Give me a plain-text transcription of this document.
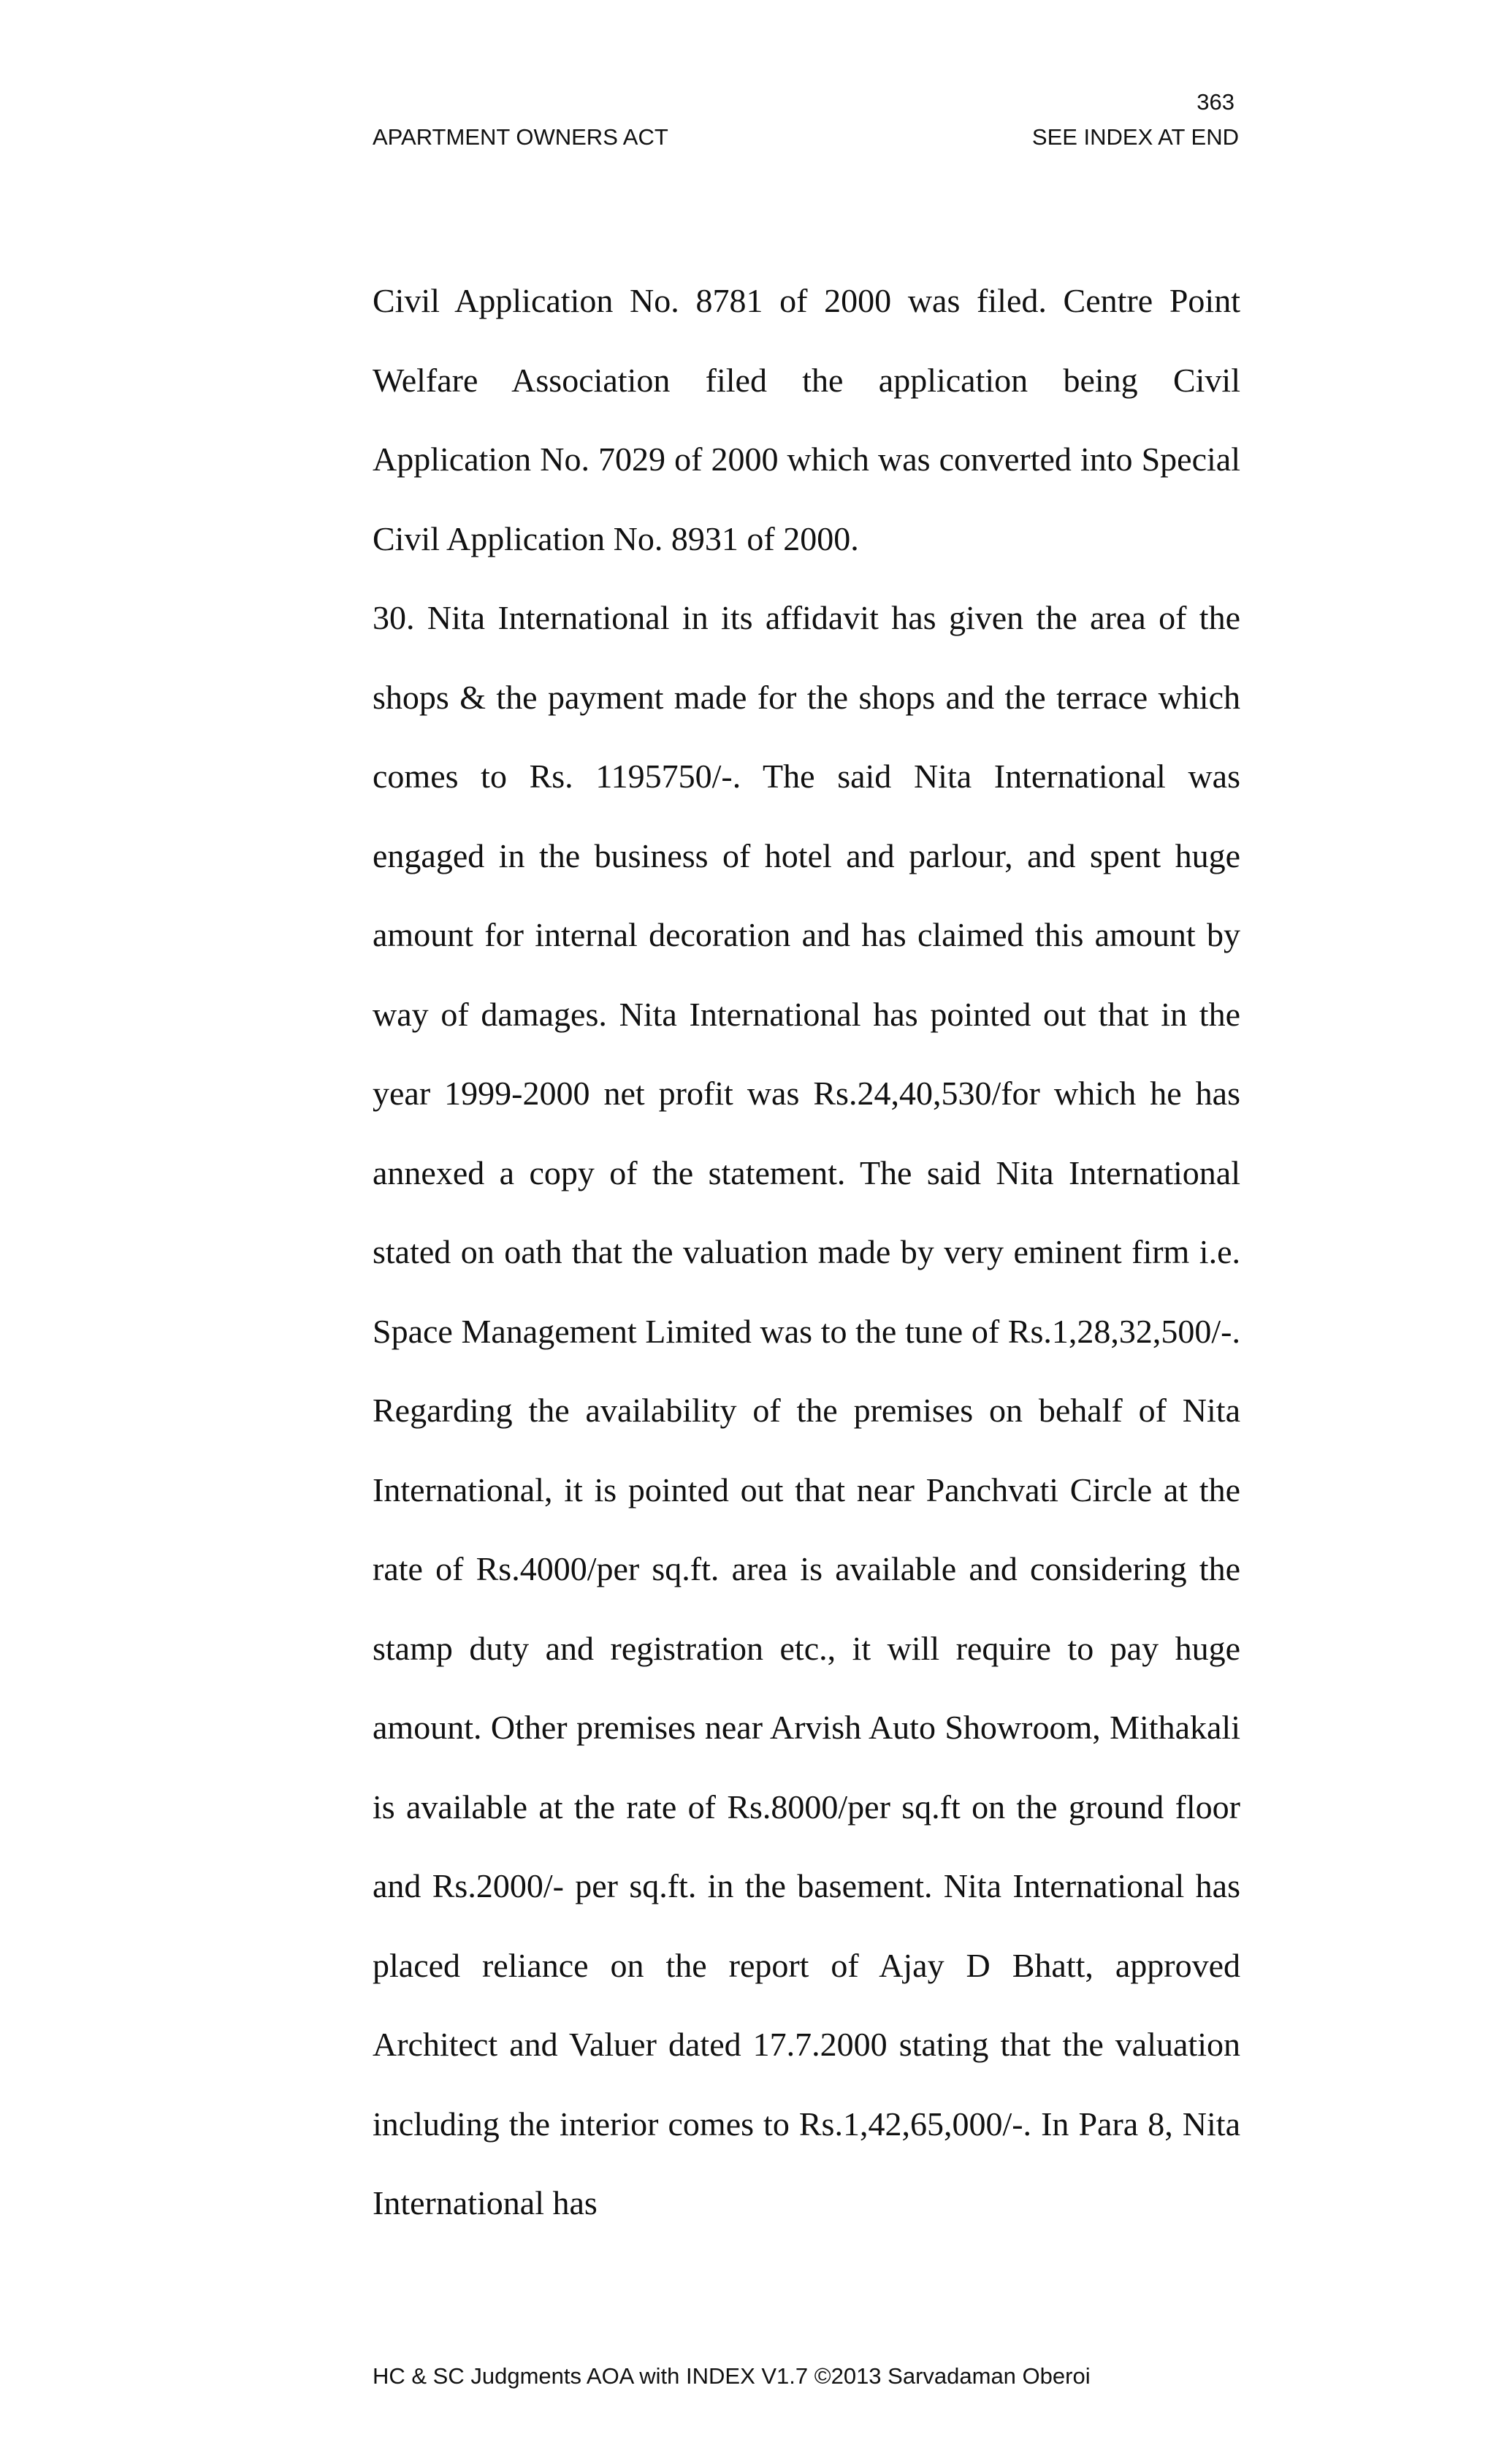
363
APARTMENT OWNERS ACT	SEE INDEX AT END

Civil Application No. 8781 of 2000 was filed. Centre Point Welfare Association filed the application being Civil Application No. 7029 of 2000 which was converted into Special Civil Application No. 8931 of 2000.

30. Nita International in its affidavit has given the area of the shops & the payment made for the shops and the terrace which comes to Rs. 1195750/-. The said Nita International was engaged in the business of hotel and parlour, and spent huge amount for internal decoration and has claimed this amount by way of damages. Nita International has pointed out that in the year 1999-2000 net profit was Rs.24,40,530/for which he has annexed a copy of the statement. The said Nita International stated on oath that the valuation made by very eminent firm i.e. Space Management Limited was to the tune of Rs.1,28,32,500/-. Regarding the availability of the premises on behalf of Nita International, it is pointed out that near Panchvati Circle at the rate of Rs.4000/per sq.ft. area is available and considering the stamp duty and registration etc., it will require to pay huge amount. Other premises near Arvish Auto Showroom, Mithakali is available at the rate of Rs.8000/per sq.ft on the ground floor and Rs.2000/- per sq.ft. in the basement. Nita International has placed reliance on the report of Ajay D Bhatt, approved Architect and Valuer dated 17.7.2000 stating that the valuation including the interior comes to Rs.1,42,65,000/-. In Para 8, Nita International has

HC & SC Judgments AOA with INDEX V1.7 ©2013 Sarvadaman Oberoi
